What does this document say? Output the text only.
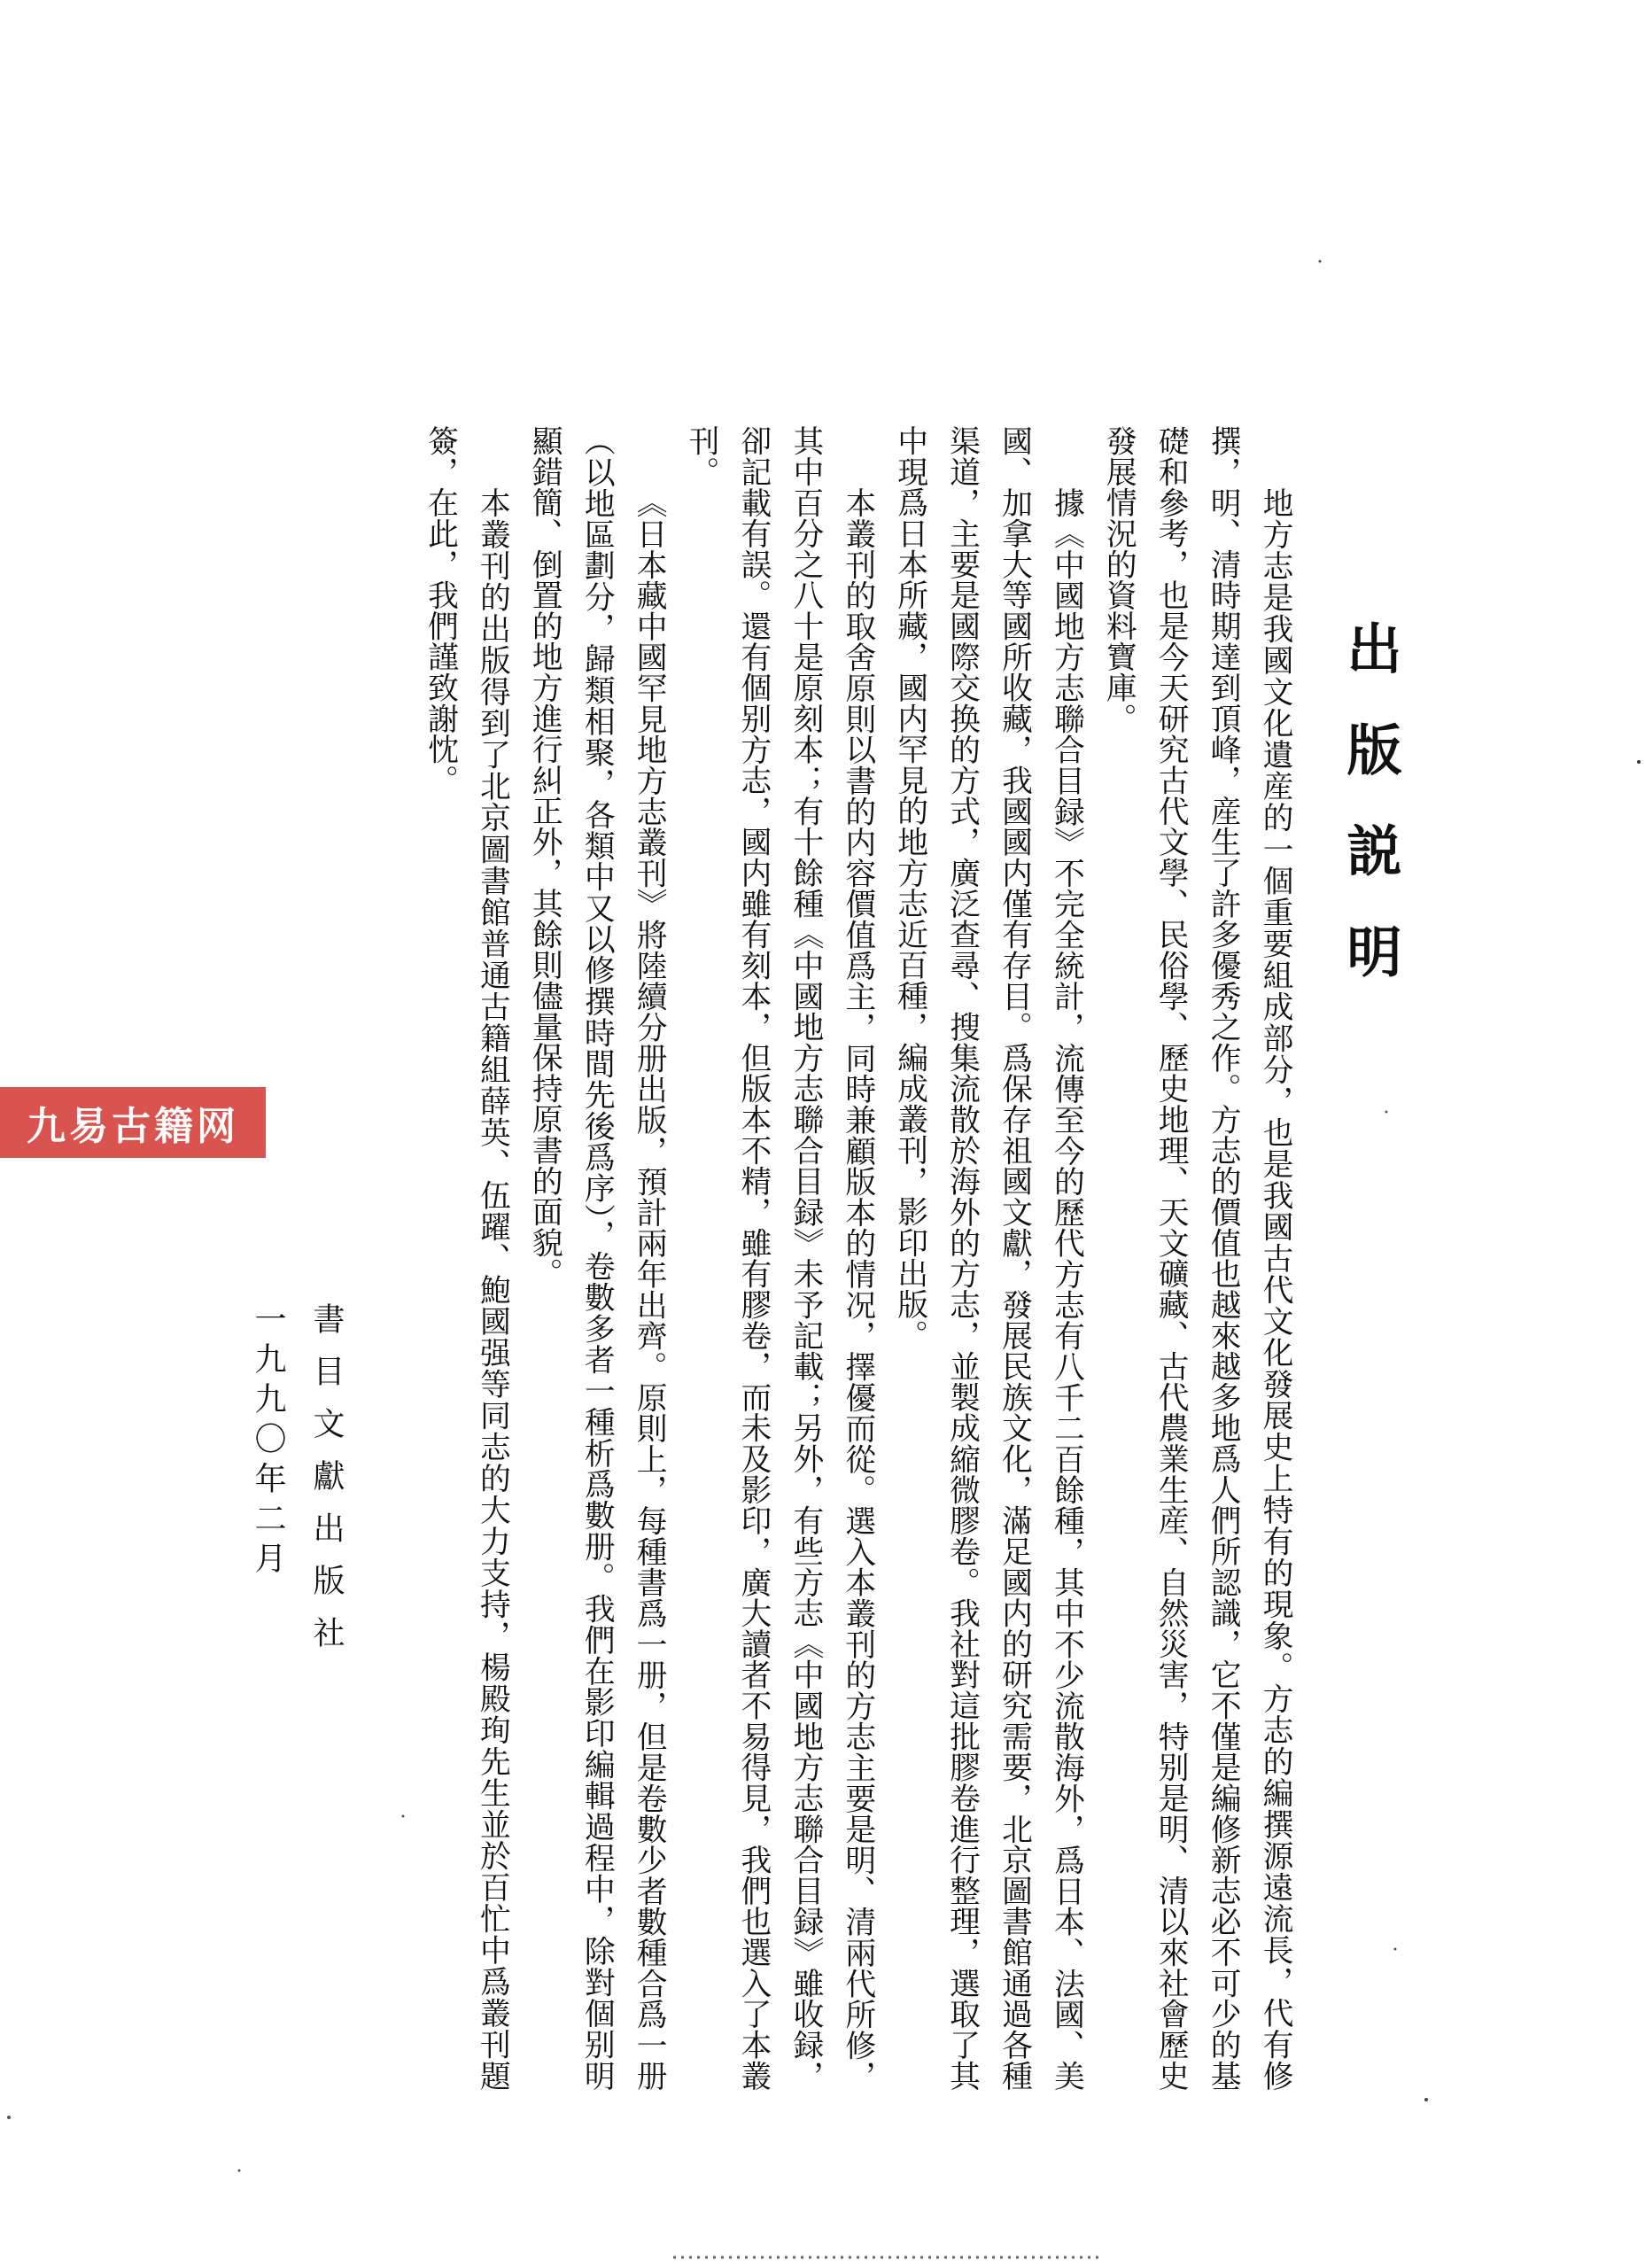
出版説明

地方志是我國文化遺産的一個重要組成部分，也是我國古代文化發展史上特有的現象。方志的編撰源遠流長，代有修撰，明、清時期達到頂峰，産生了許多優秀之作。方志的價值也越來越多地爲人們所認識，它不僅是編修新志必不可少的基礎和參考，也是今天研究古代文學、民俗學、歷史地理、天文礦藏、古代農業生産、自然災害，特别是明、清以來社會歷史發展情況的資料寶庫。

據《中國地方志聯合目録》不完全統計，流傳至今的歷代方志有八千二百餘種，其中不少流散海外，爲日本、法國、美國、加拿大等國所收藏，我國國内僅有存目。爲保存祖國文獻，發展民族文化，滿足國内的研究需要，北京圖書館通過各種渠道，主要是國際交换的方式，廣泛查尋、搜集流散於海外的方志，並製成縮微膠卷。我社對這批膠卷進行整理，選取了其中現爲日本所藏，國内罕見的地方志近百種，編成叢刊，影印出版。

本叢刊的取舍原則以書的内容價值爲主，同時兼顧版本的情况，擇優而從。選入本叢刊的方志主要是明、清兩代所修，其中百分之八十是原刻本；有十餘種《中國地方志聯合目録》未予記載；另外，有些方志《中國地方志聯合目録》雖收録，卻記載有誤。還有個别方志，國内雖有刻本，但版本不精，雖有膠卷，而未及影印，廣大讀者不易得見，我們也選入了本叢刊。

《日本藏中國罕見地方志叢刊》將陸續分册出版，預計兩年出齊。原則上，每種書爲一册，但是卷數少者數種合爲一册（以地區劃分，歸類相聚，各類中又以修撰時間先後爲序），卷數多者一種析爲數册。我們在影印編輯過程中，除對個别明顯錯簡、倒置的地方進行糾正外，其餘則儘量保持原書的面貌。

本叢刊的出版得到了北京圖書館普通古籍組薛英、伍躍、鮑國强等同志的大力支持，楊殿珣先生並於百忙中爲叢刊題簽，在此，我們謹致謝忱。

書目文獻出版社
一九九〇年二月
九易古籍网
